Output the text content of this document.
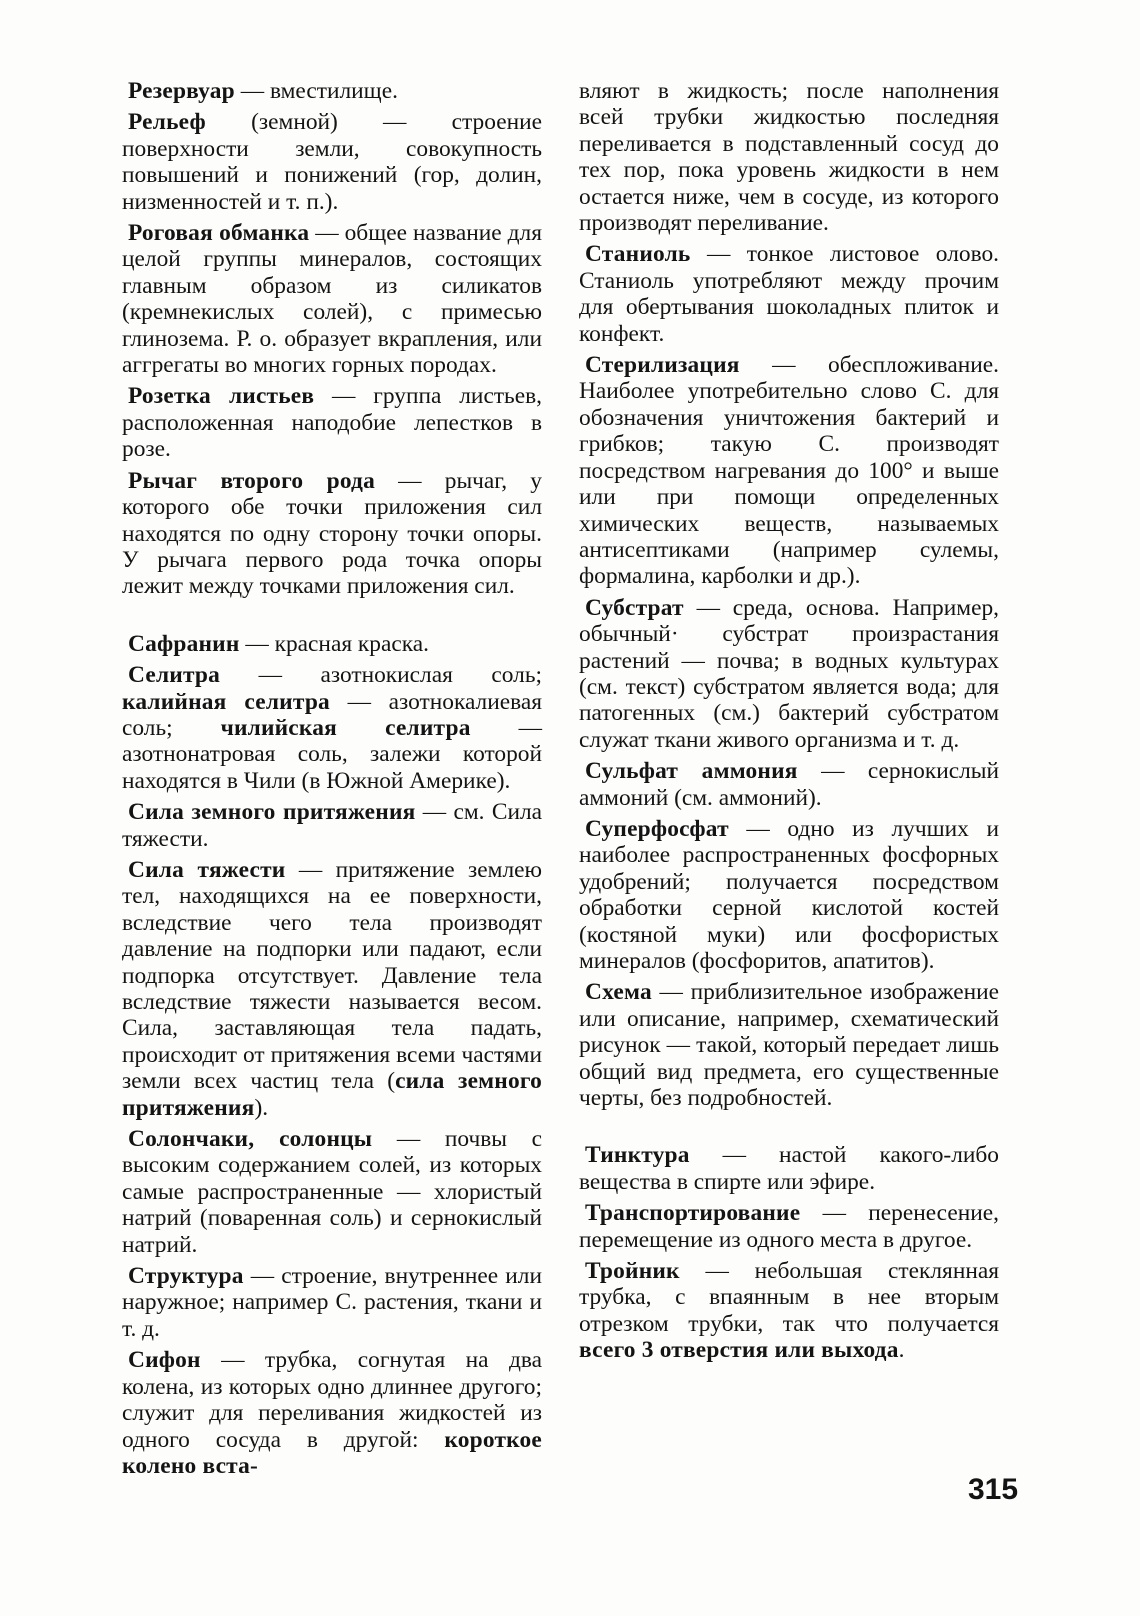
Резервуар — вместилище.

Рельеф (земной) — строение поверхности земли, совокупность повышений и понижений (гор, долин, низменностей и т. п.).

Роговая обманка — общее название для целой группы минералов, состоящих главным образом из силикатов (кремнекислых солей), с примесью глинозема. Р. о. образует вкрапления, или аггрегаты во многих горных породах.

Розетка листьев — группа листьев, расположенная наподобие лепестков в розе.

Рычаг второго рода — рычаг, у которого обе точки приложения сил находятся по одну сторону точки опоры. У рычага первого рода точка опоры лежит между точками приложения сил.

Сафранин — красная краска.

Селитра — азотнокислая соль; калийная селитра — азотнокалиевая соль; чилийская селитра — азотнонатровая соль, залежи которой находятся в Чили (в Южной Америке).

Сила земного притяжения — см. Сила тяжести.

Сила тяжести — притяжение землею тел, находящихся на ее поверхности, вследствие чего тела производят давление на подпорки или падают, если подпорка отсутствует. Давление тела вследствие тяжести называется весом. Сила, заставляющая тела падать, происходит от притяжения всеми частями земли всех частиц тела (сила земного притяжения).

Солончаки, солонцы — почвы с высоким содержанием солей, из которых самые распространенные — хлористый натрий (поваренная соль) и сернокислый натрий.

Структура — строение, внутреннее или наружное; например С. растения, ткани и т. д.

Сифон — трубка, согнутая на два колена, из которых одно длиннее другого; служит для переливания жидкостей из одного сосуда в другой: короткое колено вста-

вляют в жидкость; после наполнения всей трубки жидкостью последняя переливается в подставленный сосуд до тех пор, пока уровень жидкости в нем остается ниже, чем в сосуде, из которого производят переливание.

Станиоль — тонкое листовое олово. Станиоль употребляют между прочим для обертывания шоколадных плиток и конфект.

Стерилизация — обеспложивание. Наиболее употребительно слово С. для обозначения уничтожения бактерий и грибков; такую С. производят посредством нагревания до 100° и выше или при помощи определенных химических веществ, называемых антисептиками (например сулемы, формалина, карболки и др.).

Субстрат — среда, основа. Например, обычный· субстрат произрастания растений — почва; в водных культурах (см. текст) субстратом является вода; для патогенных (см.) бактерий субстратом служат ткани живого организма и т. д.

Сульфат аммония — сернокислый аммоний (см. аммоний).

Суперфосфат — одно из лучших и наиболее распространенных фосфорных удобрений; получается посредством обработки серной кислотой костей (костяной муки) или фосфористых минералов (фосфоритов, апатитов).

Схема — приблизительное изображение или описание, например, схематический рисунок — такой, который передает лишь общий вид предмета, его существенные черты, без подробностей.

Тинктура — настой какого-либо вещества в спирте или эфире.

Транспортирование — перенесение, перемещение из одного места в другое.

Тройник — небольшая стеклянная трубка, с впаянным в нее вторым отрезком трубки, так что получается всего 3 отверстия или выхода.

315
